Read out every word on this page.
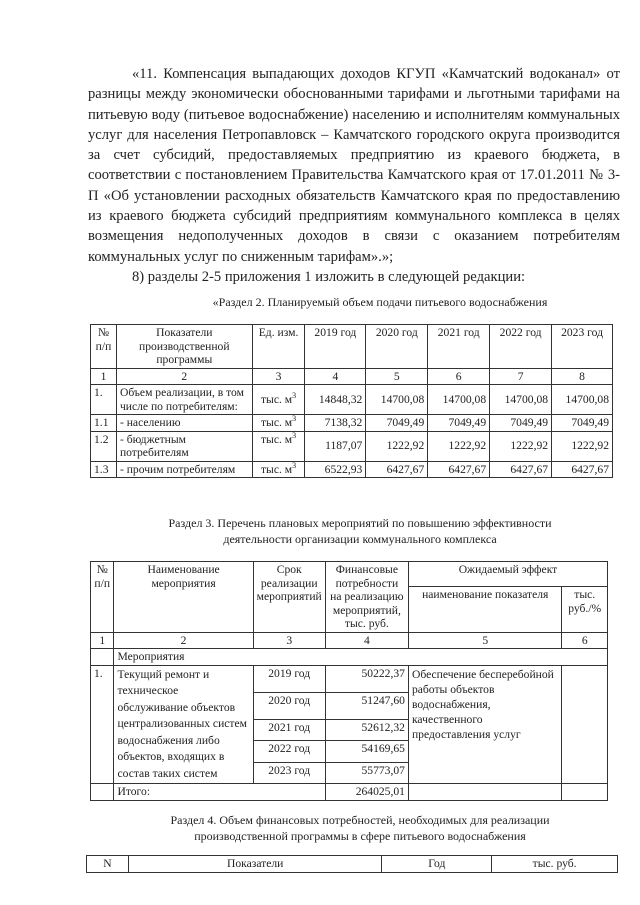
«11. Компенсация выпадающих доходов КГУП «Камчатский водоканал» от разницы между экономически обоснованными тарифами и льготными тарифами на питьевую воду (питьевое водоснабжение) населению и исполнителям коммунальных услуг для населения Петропавловск – Камчатского городского округа производится за счет субсидий, предоставляемых предприятию из краевого бюджета, в соответствии с постановлением Правительства Камчатского края от 17.01.2011 № 3-П «Об установлении расходных обязательств Камчатского края по предоставлению из краевого бюджета субсидий предприятиям коммунального комплекса в целях возмещения недополученных доходов в связи с оказанием потребителям коммунальных услуг по сниженным тарифам».»;

8) разделы 2-5 приложения 1 изложить в следующей редакции:

«Раздел 2. Планируемый объем подачи питьевого водоснабжения
№ п/п	Показатели производственной программы	Ед. изм.	2019 год	2020 год	2021 год	2022 год	2023 год
1	2	3	4	5	6	7	8
1.	Объем реализации, в том числе по потребителям:	тыс. $м^3$	14848,32	14700,08	14700,08	14700,08	14700,08
1.1	- населению	тыс. $м^3$	7138,32	7049,49	7049,49	7049,49	7049,49
1.2	- бюджетным потребителям	тыс. $м^3$	1187,07	1222,92	1222,92	1222,92	1222,92
1.3	- прочим потребителям	тыс. $м^3$	6522,93	6427,67	6427,67	6427,67	6427,67
Раздел 3. Перечень плановых мероприятий по повышению эффективности деятельности организации коммунального комплекса
№ п/п	Наименование мероприятия	Срок реализации мероприятий	Финансовые потребности на реализацию мероприятий, тыс. руб.	Ожидаемый эффект	
				наименование показателя	тыс. руб./%
1	2	3	4	5	6
	Мероприятия				
1.	Текущий ремонт и техническое обслуживание объектов централизованных систем водоснабжения либо объектов, входящих в состав таких систем	2019 год	50222,37	Обеспечение бесперебойной работы объектов водоснабжения, качественного предоставления услуг	
		2020 год	51247,60		
		2021 год	52612,32		
		2022 год	54169,65		
		2023 год	55773,07		
	Итого:		264025,01		
Раздел 4. Объем финансовых потребностей, необходимых для реализации производственной программы в сфере питьевого водоснабжения
N	Показатели	Год	тыс. руб.
